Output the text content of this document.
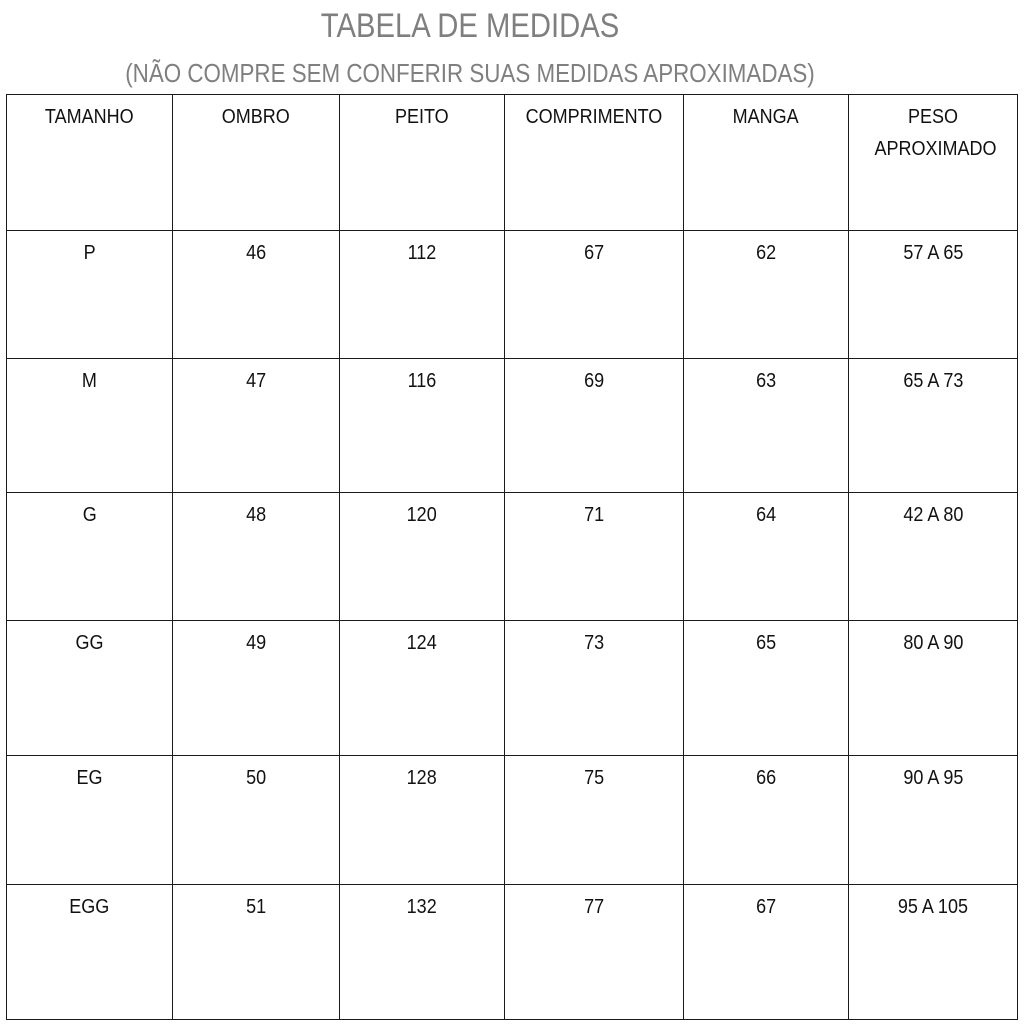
TABELA DE MEDIDAS
(NÃO COMPRE SEM CONFERIR SUAS MEDIDAS APROXIMADAS)
TAMANHO	OMBRO	PEITO	COMPRIMENTO	MANGA	PESO APROXIMADO
P	46	112	67	62	57 A 65
M	47	116	69	63	65 A 73
G	48	120	71	64	42 A 80
GG	49	124	73	65	80 A 90
EG	50	128	75	66	90 A 95
EGG	51	132	77	67	95 A 105
